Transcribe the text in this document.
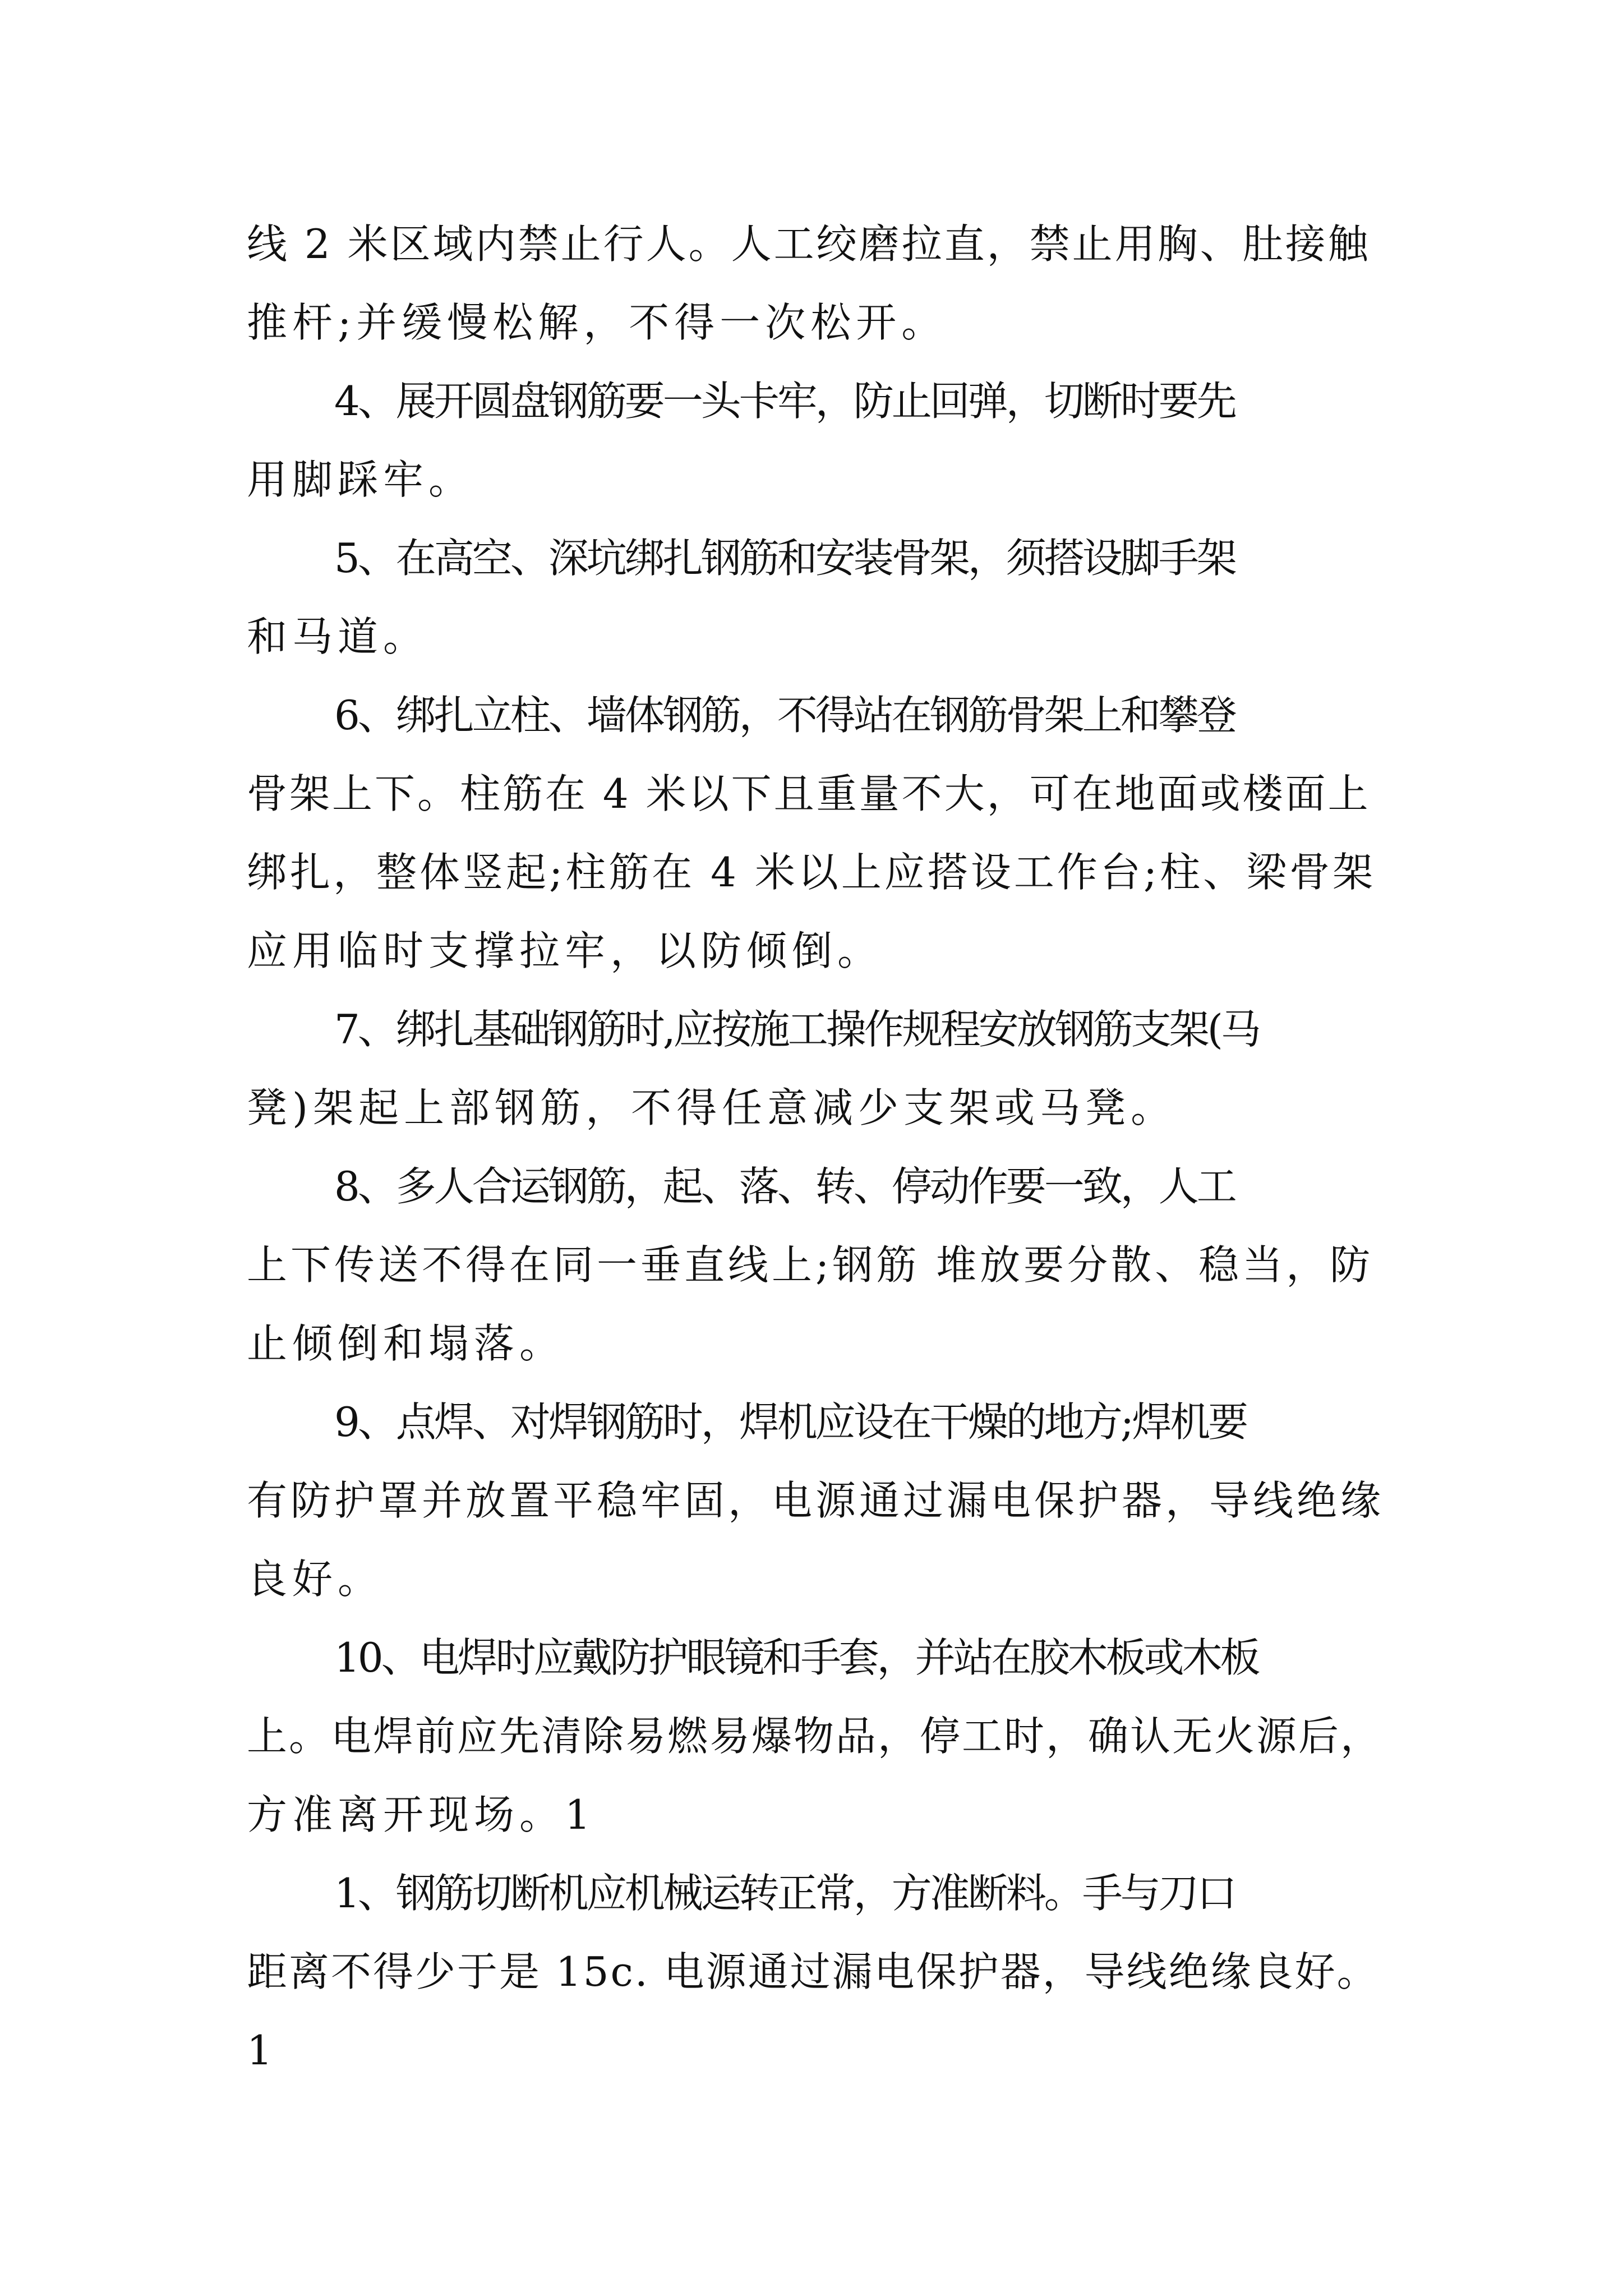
线 2 米区域内禁止行人。人工绞磨拉直，禁止用胸、肚接触
推杆;并缓慢松解，不得一次松开。
4、展开圆盘钢筋要一头卡牢，防止回弹，切断时要先
用脚踩牢。
5、在高空、深坑绑扎钢筋和安装骨架，须搭设脚手架
和马道。
6、绑扎立柱、墙体钢筋，不得站在钢筋骨架上和攀登
骨架上下。柱筋在 4 米以下且重量不大，可在地面或楼面上
绑扎，整体竖起;柱筋在 4 米以上应搭设工作台;柱、梁骨架
应用临时支撑拉牢，以防倾倒。
7、绑扎基础钢筋时,应按施工操作规程安放钢筋支架(马
凳)架起上部钢筋，不得任意减少支架或马凳。
8、多人合运钢筋，起、落、转、停动作要一致，人工
上下传送不得在同一垂直线上;钢筋 堆放要分散、稳当，防
止倾倒和塌落。
9、点焊、对焊钢筋时，焊机应设在干燥的地方;焊机要
有防护罩并放置平稳牢固，电源通过漏电保护器，导线绝缘
良好。
10、电焊时应戴防护眼镜和手套，并站在胶木板或木板
上。电焊前应先清除易燃易爆物品，停工时，确认无火源后，
方准离开现场。1
1、钢筋切断机应机械运转正常，方准断料。手与刀口
距离不得少于是 15c. 电源通过漏电保护器，导线绝缘良好。
1
